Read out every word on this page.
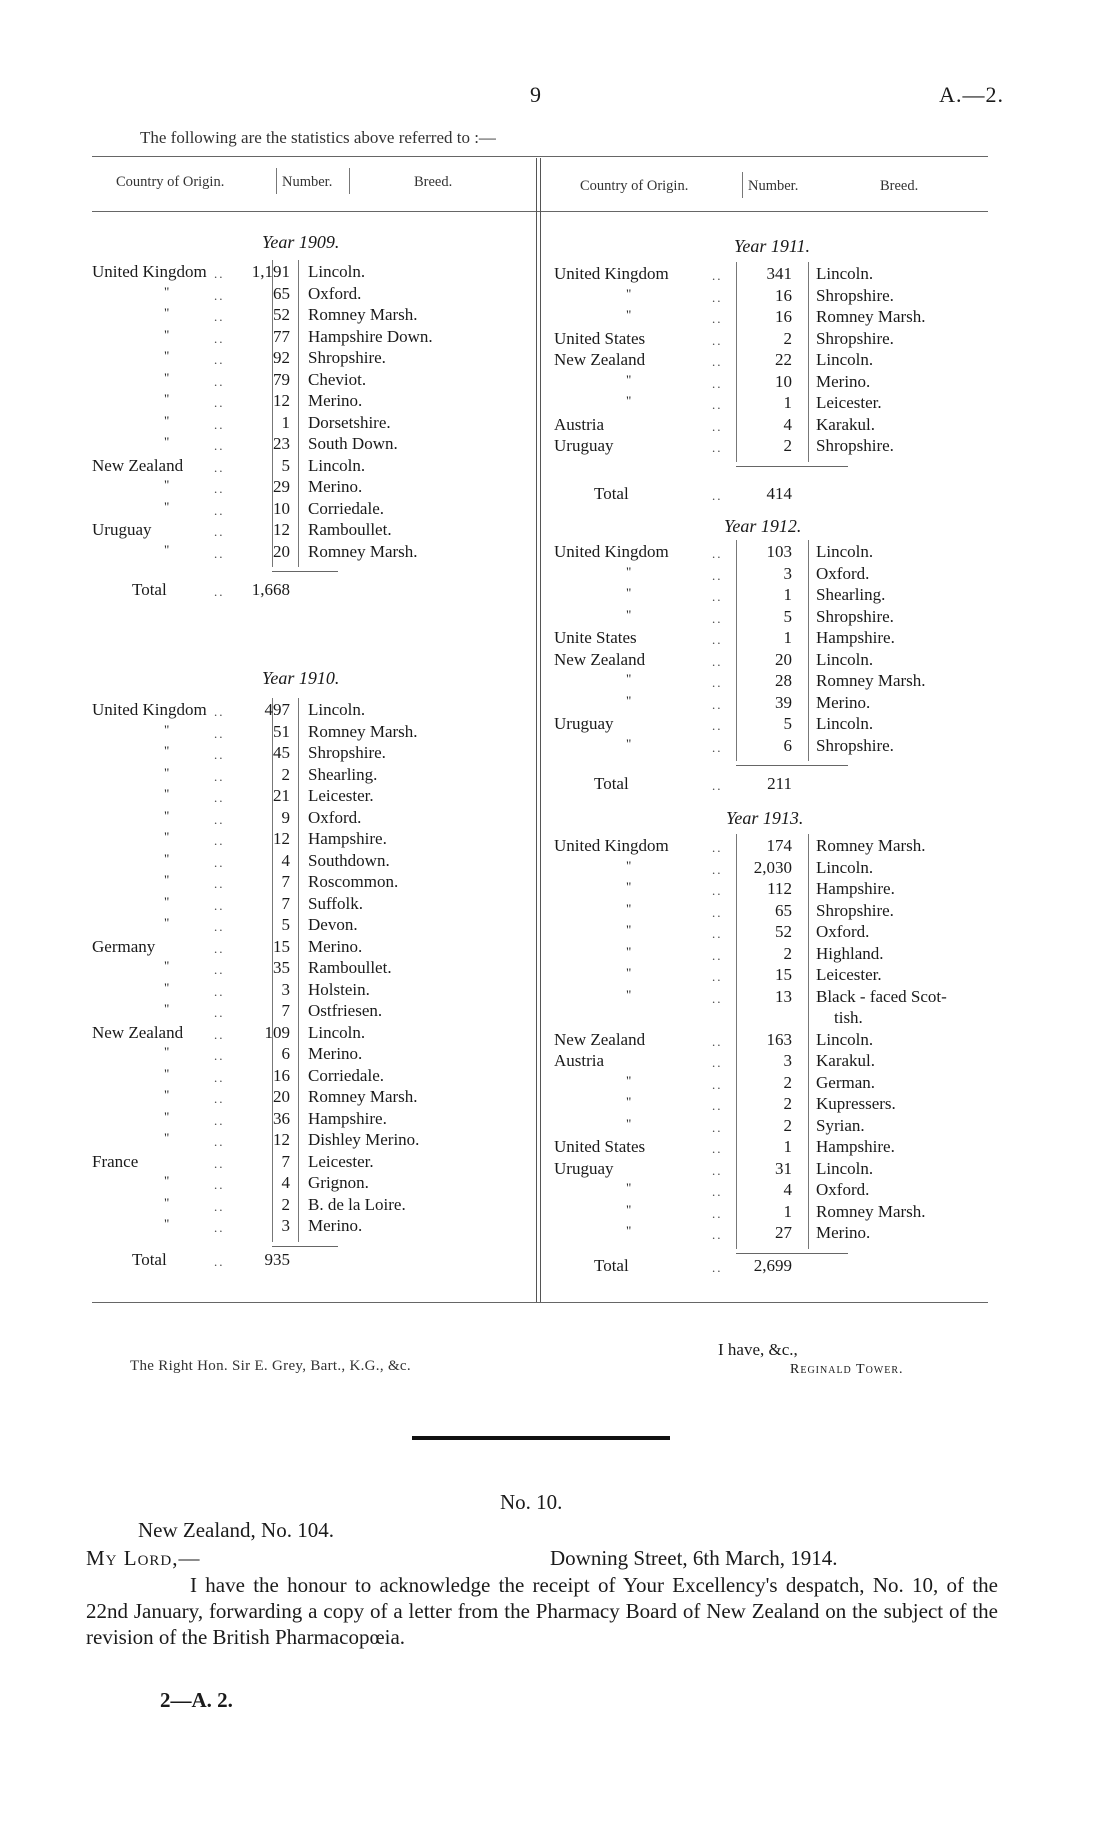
9	A.—2.
The following are the statistics above referred to :—
Country of Origin.	Number.	Breed.	Country of Origin.	Number.	Breed.
Year 1909.
United Kingdom ..	1,191 Lincoln.
"	..	65 Oxford.
"	..	52 Romney Marsh.
"	..	77 Hampshire Down.
"	..	92 Shropshire.
"	..	79 Cheviot.
"	..	12 Merino.
"	..	1 Dorsetshire.
"	..	23 South Down.
New Zealand ..	5 Lincoln.
"	..	29 Merino.
"	..	10 Corriedale.
Uruguay	..	12 Ramboullet.
"	..	20 Romney Marsh.
Total	..	1,668
Year 1910.
United Kingdom ..	497 Lincoln.
"	..	51 Romney Marsh.
"	..	45 Shropshire.
"	..	2 Shearling.
"	..	21 Leicester.
"	..	9 Oxford.
"	..	12 Hampshire.
"	..	4 Southdown.
"	..	7 Roscommon.
"	..	7 Suffolk.
"	..	5 Devon.
Germany	..	15 Merino.
"	..	35 Ramboullet.
"	..	3 Holstein.
"	..	7 Ostfriesen.
New Zealand ..	109 Lincoln.
"	..	6 Merino.
"	..	16 Corriedale.
"	..	20 Romney Marsh.
"	..	36 Hampshire.
"	..	12 Dishley Merino.
France	..	7 Leicester.
"	..	4 Grignon.
"	..	2 B. de la Loire.
"	..	3 Merino.
Total	..	935
Year 1911.
United Kingdom	..	341 Lincoln.
"	..	16 Shropshire.
"	..	16 Romney Marsh.
United States	..	2 Shropshire.
New Zealand	..	22 Lincoln.
"	..	10 Merino.
"	..	1 Leicester.
Austria	..	4 Karakul.
Uruguay	..	2 Shropshire.
Total	..	414
Year 1912.
United Kingdom	..	103 Lincoln.
"	..	3 Oxford.
"	..	1 Shearling.
"	..	5 Shropshire.
Unite States	..	1 Hampshire.
New Zealand	..	20 Lincoln.
"	..	28 Romney Marsh.
"	..	39 Merino.
Uruguay	..	5 Lincoln.
"	..	6 Shropshire.
Total	..	211
Year 1913.
United Kingdom	..	174 Romney Marsh.
"	..	2,030 Lincoln.
"	..	112 Hampshire.
"	..	65 Shropshire.
"	..	52 Oxford.
"	..	2 Highland.
"	..	15 Leicester.
"	..	13 Black - faced Scot-
tish.
New Zealand	..	163 Lincoln.
Austria	..	3 Karakul.
"	..	2 German.
"	..	2 Kupressers.
"	..	2 Syrian.
United States	..	1 Hampshire.
Uruguay	..	31 Lincoln.
"	..	4 Oxford.
"	..	1 Romney Marsh.
"	..	27 Merino.
Total	..	2,699
The Right Hon. Sir E. Grey, Bart., K.G., &c.
I have, &c.,
Reginald Tower.
No. 10.
New Zealand, No. 104.
My Lord,—	Downing Street, 6th March, 1914.
I have the honour to acknowledge the receipt of Your Excellency's despatch, No. 10, of the 22nd January, forwarding a copy of a letter from the Pharmacy Board of New Zealand on the subject of the revision of the British Pharmacopœia.
2—A. 2.
